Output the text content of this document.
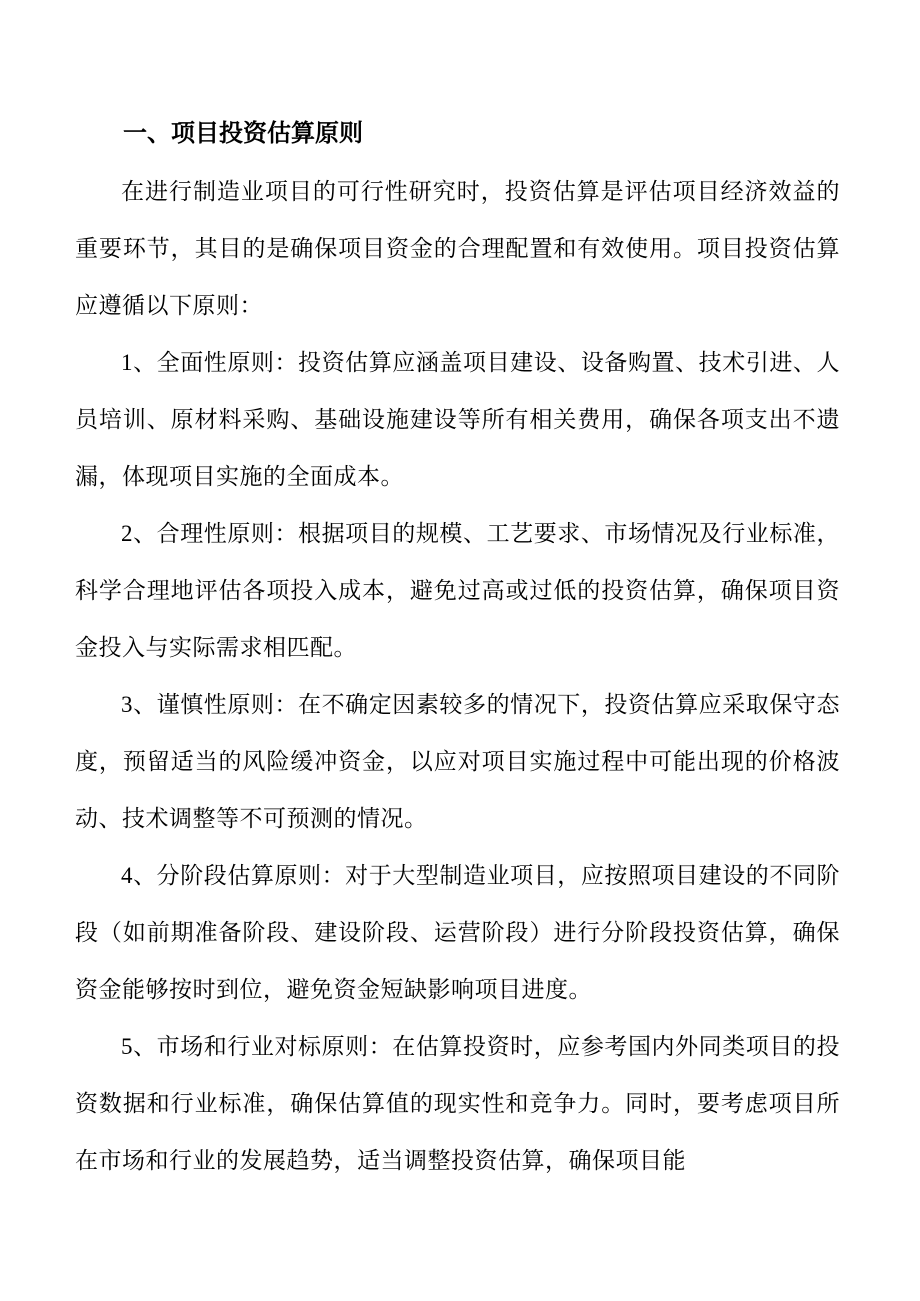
一、项目投资估算原则

在进行制造业项目的可行性研究时，投资估算是评估项目经济效益的重要环节，其目的是确保项目资金的合理配置和有效使用。项目投资估算应遵循以下原则：

1、全面性原则：投资估算应涵盖项目建设、设备购置、技术引进、人员培训、原材料采购、基础设施建设等所有相关费用，确保各项支出不遗漏，体现项目实施的全面成本。

2、合理性原则：根据项目的规模、工艺要求、市场情况及行业标准，科学合理地评估各项投入成本，避免过高或过低的投资估算，确保项目资金投入与实际需求相匹配。

3、谨慎性原则：在不确定因素较多的情况下，投资估算应采取保守态度，预留适当的风险缓冲资金，以应对项目实施过程中可能出现的价格波动、技术调整等不可预测的情况。

4、分阶段估算原则：对于大型制造业项目，应按照项目建设的不同阶段（如前期准备阶段、建设阶段、运营阶段）进行分阶段投资估算，确保资金能够按时到位，避免资金短缺影响项目进度。

5、市场和行业对标原则：在估算投资时，应参考国内外同类项目的投资数据和行业标准，确保估算值的现实性和竞争力。同时，要考虑项目所在市场和行业的发展趋势，适当调整投资估算，确保项目能
